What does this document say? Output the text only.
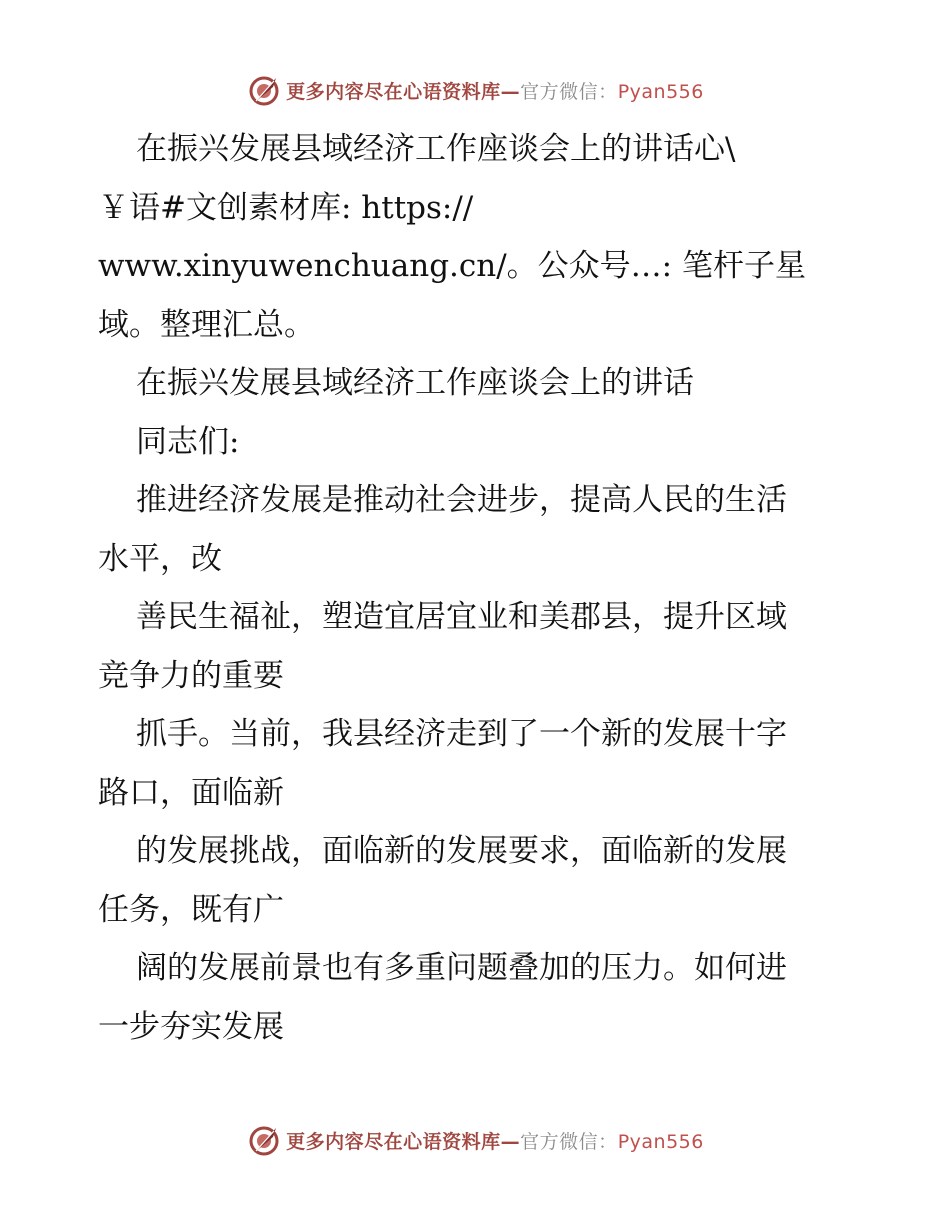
更多内容尽在心语资料库—官方微信：Pyan556
在振兴发展县域经济工作座谈会上的讲话心\
￥语#文创素材库: https://
www.xinyuwenchuang.cn/。公众号…: 笔杆子星
域。整理汇总。
在振兴发展县域经济工作座谈会上的讲话
同志们:
推进经济发展是推动社会进步，提高人民的生活
水平，改
善民生福祉，塑造宜居宜业和美郡县，提升区域
竞争力的重要
抓手。当前，我县经济走到了一个新的发展十字
路口，面临新
的发展挑战，面临新的发展要求，面临新的发展
任务，既有广
阔的发展前景也有多重问题叠加的压力。如何进
一步夯实发展
更多内容尽在心语资料库—官方微信：Pyan556
